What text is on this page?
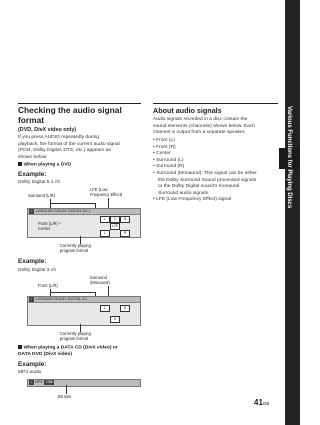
Checking the audio signal
format
(DVD, DivX video only)
If you press AUDIO repeatedly during
playback, the format of the current audio signal
(PCM, Dolby Digital, DTS, etc.) appears as
shown below.
When playing a DVD
Example:
Dolby Digital 5.1 ch
LFE (Low
Frequency Effect)
Surround (L/R)
♪ 1:ENGLISH DOLBY DIGITAL 3/2.1
L	C	R
LFE
L	R
Front (L/R) +
Center
Currently playing
program format
Example:
Dolby Digital 3 ch
Surround
(Monaural)
Front (L/R)
♪ 1:SPANISH DOLBY DIGITAL 2/1
L	R
S
Currently playing
program format
When playing a DATA CD (DivX video) or
DATA DVD (DivX video)
Example:
MP3 audio
♪ MP3 128k
Bit rate
About audio signals
Audio signals recorded in a disc contain the
sound elements (channels) shown below. Each
channel is output from a separate speaker.
• Front (L)
• Front (R)
• Center
• Surround (L)
• Surround (R)
• Surround (Monaural): This signal can be either
the Dolby Surround Sound processed signals
or the Dolby Digital sound’s monaural
Surround audio signals.
• LFE (Low Frequency Effect) signal	Various Functions for Playing Discs
41GB
